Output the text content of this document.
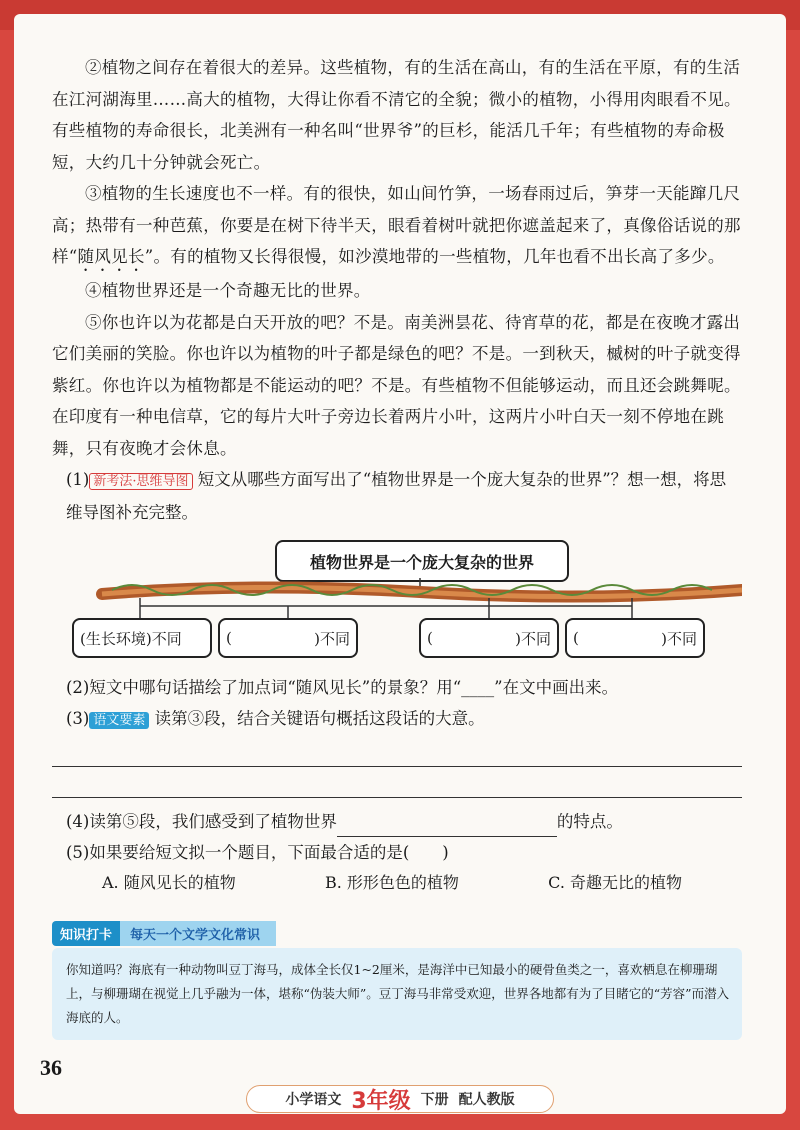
②植物之间存在着很大的差异。这些植物，有的生活在高山，有的生活在平原，有的生活在江河湖海里……高大的植物，大得让你看不清它的全貌；微小的植物，小得用肉眼看不见。有些植物的寿命很长，北美洲有一种名叫“世界爷”的巨杉，能活几千年；有些植物的寿命极短，大约几十分钟就会死亡。

③植物的生长速度也不一样。有的很快，如山间竹笋，一场春雨过后，笋芽一天能蹿几尺高；热带有一种芭蕉，你要是在树下待半天，眼看着树叶就把你遮盖起来了，真像俗话说的那样“随风见长”。有的植物又长得很慢，如沙漠地带的一些植物，几年也看不出长高了多少。

④植物世界还是一个奇趣无比的世界。

⑤你也许以为花都是白天开放的吧？不是。南美洲昙花、待宵草的花，都是在夜晚才露出它们美丽的笑脸。你也许以为植物的叶子都是绿色的吧？不是。一到秋天，槭树的叶子就变得紫红。你也许以为植物都是不能运动的吧？不是。有些植物不但能够运动，而且还会跳舞呢。在印度有一种电信草，它的每片大叶子旁边长着两片小叶，这两片小叶白天一刻不停地在跳舞，只有夜晚才会休息。

(1) 新考法·思维导图 短文从哪些方面写出了“植物世界是一个庞大复杂的世界”？想一想，将思维导图补充完整。

植物世界是一个庞大复杂的世界
(生长环境)不同	(	)不同	(	)不同 (	)不同

(2)短文中哪句话描绘了加点词“随风见长”的景象？用“____”在文中画出来。

(3) 语文要素 读第③段，结合关键语句概括这段话的大意。

(4)读第⑤段，我们感受到了植物世界	的特点。

(5)如果要给短文拟一个题目，下面最合适的是(　　)

A. 随风见长的植物	B. 形形色色的植物	C. 奇趣无比的植物
知识打卡	每天一个文学文化常识
你知道吗？海底有一种动物叫豆丁海马，成体全长仅1~2厘米，是海洋中已知最小的硬骨鱼类之一，喜欢栖息在柳珊瑚上，与柳珊瑚在视觉上几乎融为一体，堪称“伪装大师”。豆丁海马非常受欢迎，世界各地都有为了目睹它的“芳容”而潜入海底的人。
36
小学语文 3年级 下册 配人教版
